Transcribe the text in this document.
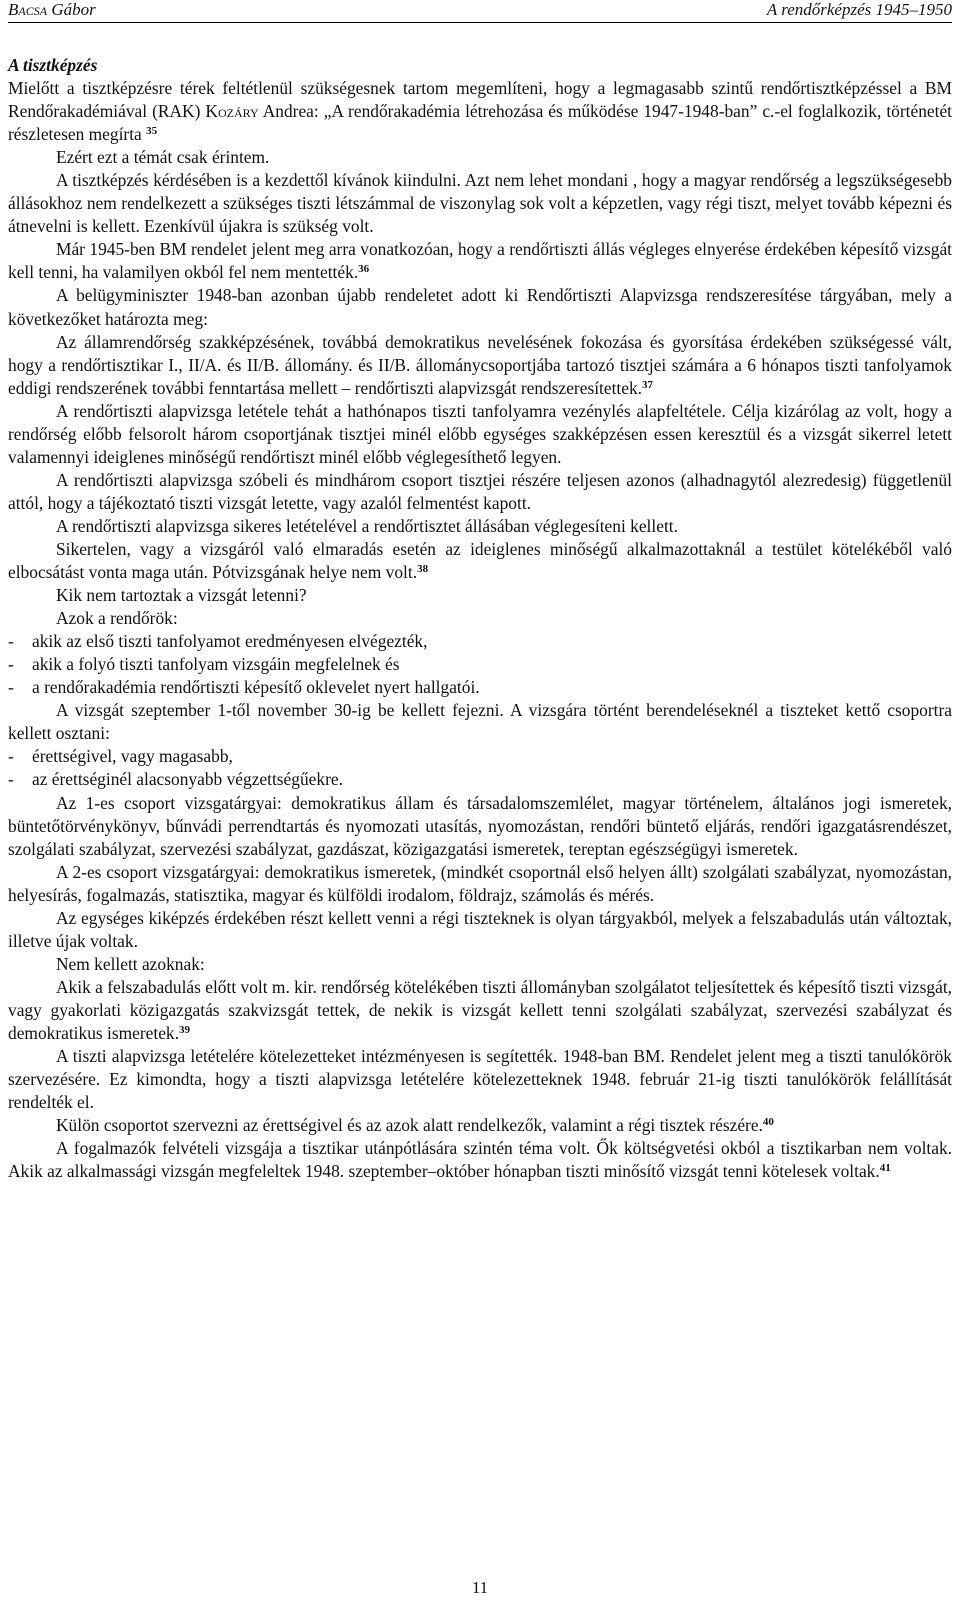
Bacsa Gábor	A rendőrképzés 1945–1950

A tisztképzés

Mielőtt a tisztképzésre térek feltétlenül szükségesnek tartom megemlíteni, hogy a legmagasabb szintű rendőrtisztképzéssel a BM Rendőrakadémiával (RAK) Kozáry Andrea: „A rendőrakadémia létrehozása és működése 1947-1948-ban” c.-el foglalkozik, történetét részletesen megírta $^{35}$

Ezért ezt a témát csak érintem.

A tisztképzés kérdésében is a kezdettől kívánok kiindulni. Azt nem lehet mondani , hogy a magyar rendőrség a legszükségesebb állásokhoz nem rendelkezett a szükséges tiszti létszámmal de viszonylag sok volt a képzetlen, vagy régi tiszt, melyet tovább képezni és átnevelni is kellett. Ezenkívül újakra is szükség volt.

Már 1945-ben BM rendelet jelent meg arra vonatkozóan, hogy a rendőrtiszti állás végleges elnyerése érdekében képesítő vizsgát kell tenni, ha valamilyen okból fel nem mentették.$^{36}$

A belügyminiszter 1948-ban azonban újabb rendeletet adott ki Rendőrtiszti Alapvizsga rendszeresítése tárgyában, mely a következőket határozta meg:

Az államrendőrség szakképzésének, továbbá demokratikus nevelésének fokozása és gyorsítása érdekében szükségessé vált, hogy a rendőrtisztikar I., II/A. és II/B. állomány. és II/B. állománycsoportjába tartozó tisztjei számára a 6 hónapos tiszti tanfolyamok eddigi rendszerének további fenntartása mellett – rendőrtiszti alapvizsgát rendszeresítettek.$^{37}$

A rendőrtiszti alapvizsga letétele tehát a hathónapos tiszti tanfolyamra vezénylés alapfeltétele. Célja kizárólag az volt, hogy a rendőrség előbb felsorolt három csoportjának tisztjei minél előbb egységes szakképzésen essen keresztül és a vizsgát sikerrel letett valamennyi ideiglenes minőségű rendőrtiszt minél előbb véglegesíthető legyen.

A rendőrtiszti alapvizsga szóbeli és mindhárom csoport tisztjei részére teljesen azonos (alhadnagytól alezredesig) függetlenül attól, hogy a tájékoztató tiszti vizsgát letette, vagy azalól felmentést kapott.

A rendőrtiszti alapvizsga sikeres letételével a rendőrtisztet állásában véglegesíteni kellett.

Sikertelen, vagy a vizsgáról való elmaradás esetén az ideiglenes minőségű alkalmazottaknál a testület kötelékéből való elbocsátást vonta maga után. Pótvizsgának helye nem volt.$^{38}$

Kik nem tartoztak a vizsgát letenni?

Azok a rendőrök:

-	akik az első tiszti tanfolyamot eredményesen elvégezték,
-	akik a folyó tiszti tanfolyam vizsgáin megfelelnek és
-	a rendőrakadémia rendőrtiszti képesítő oklevelet nyert hallgatói.

A vizsgát szeptember 1-től november 30-ig be kellett fejezni. A vizsgára történt berendeléseknél a tiszteket kettő csoportra kellett osztani:

-	érettségivel, vagy magasabb,
-	az érettséginél alacsonyabb végzettségűekre.

Az 1-es csoport vizsgatárgyai: demokratikus állam és társadalomszemlélet, magyar történelem, általános jogi ismeretek, büntetőtörvénykönyv, bűnvádi perrendtartás és nyomozati utasítás, nyomozástan, rendőri büntető eljárás, rendőri igazgatásrendészet, szolgálati szabályzat, szervezési szabályzat, gazdászat, közigazgatási ismeretek, tereptan egészségügyi ismeretek.

A 2-es csoport vizsgatárgyai: demokratikus ismeretek, (mindkét csoportnál első helyen állt) szolgálati szabályzat, nyomozástan, helyesírás, fogalmazás, statisztika, magyar és külföldi irodalom, földrajz, számolás és mérés.

Az egységes kiképzés érdekében részt kellett venni a régi tiszteknek is olyan tárgyakból, melyek a felszabadulás után változtak, illetve újak voltak.

Nem kellett azoknak:

Akik a felszabadulás előtt volt m. kir. rendőrség kötelékében tiszti állományban szolgálatot teljesítettek és képesítő tiszti vizsgát, vagy gyakorlati közigazgatás szakvizsgát tettek, de nekik is vizsgát kellett tenni szolgálati szabályzat, szervezési szabályzat és demokratikus ismeretek.$^{39}$

A tiszti alapvizsga letételére kötelezetteket intézményesen is segítették. 1948-ban BM. Rendelet jelent meg a tiszti tanulókörök szervezésére. Ez kimondta, hogy a tiszti alapvizsga letételére kötelezetteknek 1948. február 21-ig tiszti tanulókörök felállítását rendelték el.

Külön csoportot szervezni az érettségivel és az azok alatt rendelkezők, valamint a régi tisztek részére.$^{40}$

A fogalmazók felvételi vizsgája a tisztikar utánpótlására szintén téma volt. Ők költségvetési okból a tisztikarban nem voltak. Akik az alkalmassági vizsgán megfeleltek 1948. szeptember–október hónapban tiszti minősítő vizsgát tenni kötelesek voltak.$^{41}$

11
